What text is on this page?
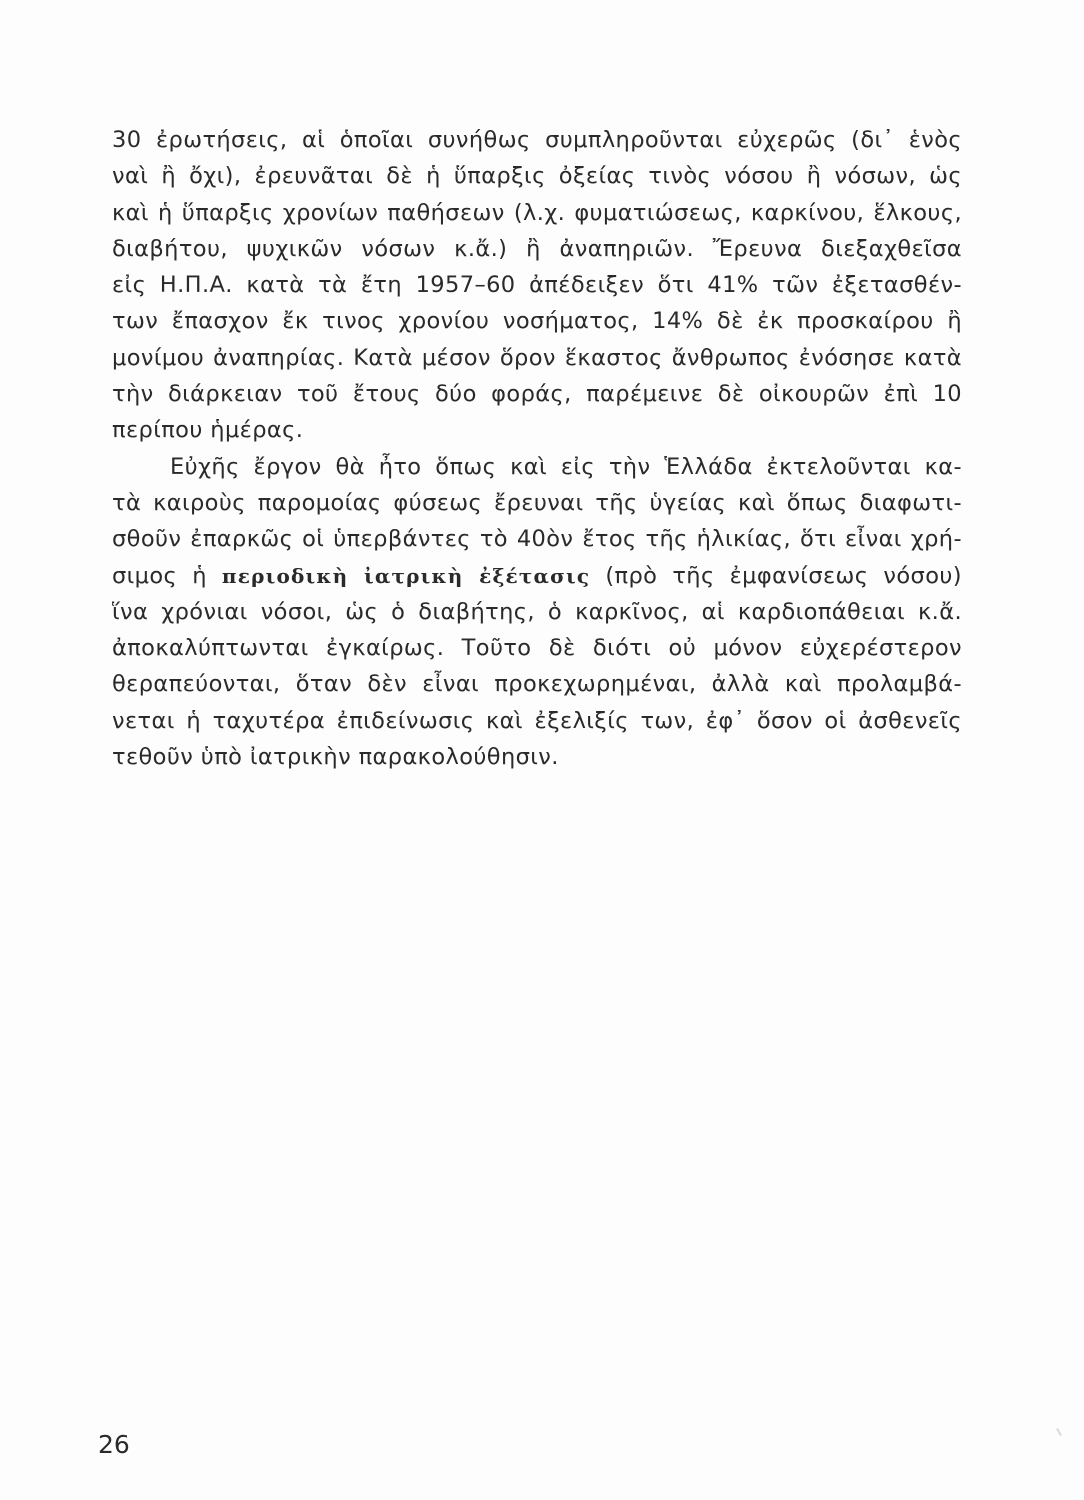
30 ἐρωτήσεις, αἱ ὁποῖαι συνήθως συμπληροῦνται εὐχερῶς (δι᾽ ἑνὸς
ναὶ ἢ ὄχι), ἐρευνᾶται δὲ ἡ ὕπαρξις ὀξείας τινὸς νόσου ἢ νόσων, ὡς
καὶ ἡ ὕπαρξις χρονίων παθήσεων (λ.χ. φυματιώσεως, καρκίνου, ἕλκους,
διαβήτου, ψυχικῶν νόσων κ.ἄ.) ἢ ἀναπηριῶν. Ἔρευνα διεξαχθεῖσα
εἰς Η.Π.Α. κατὰ τὰ ἔτη 1957–60 ἀπέδειξεν ὅτι 41% τῶν ἐξετασθέν-
των ἔπασχον ἔκ τινος χρονίου νοσήματος, 14% δὲ ἐκ προσκαίρου ἢ
μονίμου ἀναπηρίας. Κατὰ μέσον ὅρον ἕκαστος ἄνθρωπος ἐνόσησε κατὰ
τὴν διάρκειαν τοῦ ἔτους δύο φοράς, παρέμεινε δὲ οἰκουρῶν ἐπὶ 10
περίπου ἡμέρας.
Εὐχῆς ἔργον θὰ ἦτο ὅπως καὶ εἰς τὴν Ἑλλάδα ἐκτελοῦνται κα-
τὰ καιροὺς παρομοίας φύσεως ἔρευναι τῆς ὑγείας καὶ ὅπως διαφωτι-
σθοῦν ἐπαρκῶς οἱ ὑπερβάντες τὸ 40ὸν ἔτος τῆς ἡλικίας, ὅτι εἶναι χρή-
σιμος ἡ περιοδικὴ ἰατρικὴ ἐξέτασις (πρὸ τῆς ἐμφανίσεως νόσου)
ἵνα χρόνιαι νόσοι, ὡς ὁ διαβήτης, ὁ καρκῖνος, αἱ καρδιοπάθειαι κ.ἄ.
ἀποκαλύπτωνται ἐγκαίρως. Τοῦτο δὲ διότι οὐ μόνον εὐχερέστερον
θεραπεύονται, ὅταν δὲν εἶναι προκεχωρημέναι, ἀλλὰ καὶ προλαμβά-
νεται ἡ ταχυτέρα ἐπιδείνωσις καὶ ἐξελιξίς των, ἐφ᾽ ὅσον οἱ ἀσθενεῖς
τεθοῦν ὑπὸ ἰατρικὴν παρακολούθησιν.
26
